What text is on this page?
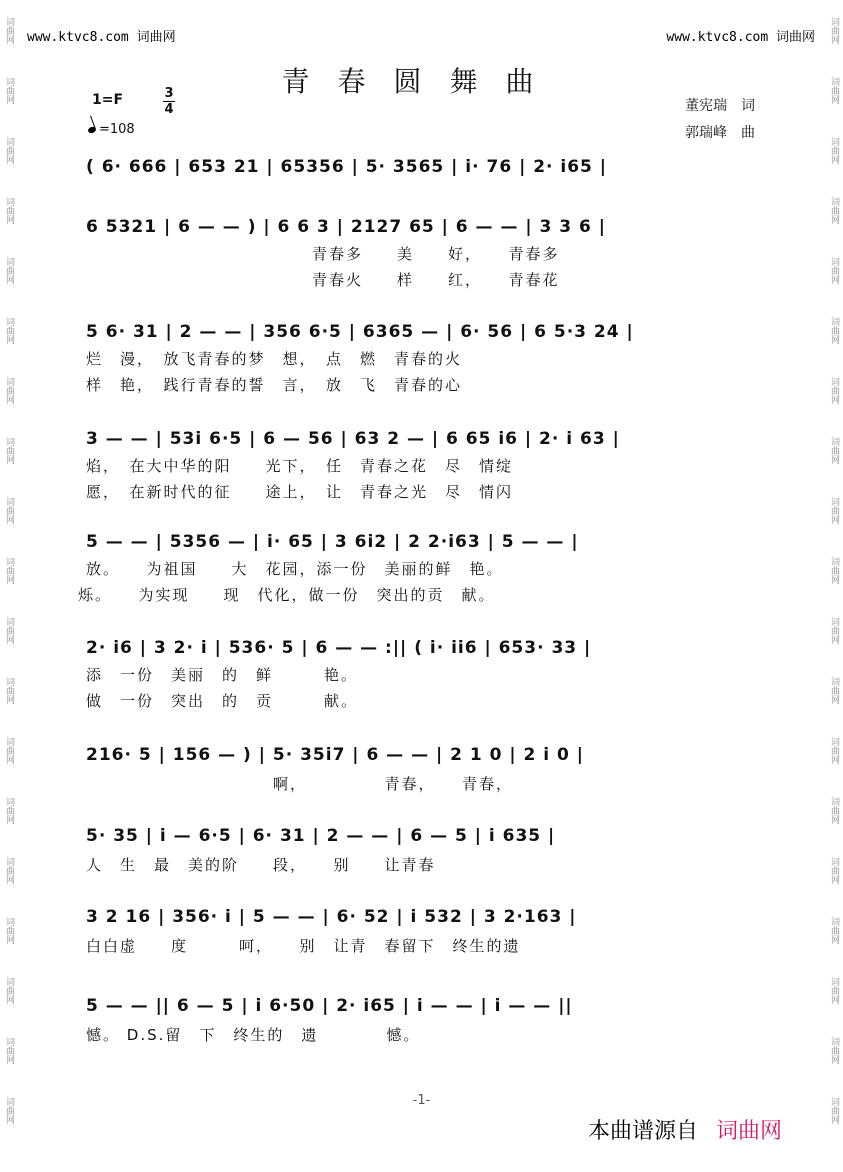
词曲网
词曲网
词曲网
词曲网
词曲网
词曲网
词曲网
词曲网
词曲网
词曲网
词曲网
词曲网
词曲网
词曲网
词曲网
词曲网
词曲网
词曲网
词曲网
词曲网
词曲网
词曲网
词曲网
词曲网
词曲网
词曲网
词曲网
词曲网
词曲网
词曲网
词曲网
词曲网
词曲网
词曲网
词曲网
词曲网
词曲网
词曲网
www.ktvc8.com 词曲网	www.ktvc8.com 词曲网
青春圆舞曲
1=F	3
4
=108
董宪瑞　词
郭瑞峰　曲
( 6· 666 | 653 21 | 65356 | 5· 3565 | i· 76 | 2· i65 |
6 5321 | 6 — — ) | 6 6 3 | 2127 65 | 6 — — | 3 3 6 |
青春多　　美　　好，　　青春多
青春火　　样　　红，　　青春花
5 6· 31 | 2 — — | 356 6·5 | 6365 — | 6· 56 | 6 5·3 24 |
烂　漫，　放飞青春的梦　想，　点　燃　青春的火
样　艳，　践行青春的誓　言，　放　飞　青春的心
3 — — | 53i 6·5 | 6 — 56 | 63 2 — | 6 65 i6 | 2· i 63 |
焰，　在大中华的阳　　光下，　任　青春之花　尽　情绽
愿，　在新时代的征　　途上，　让　青春之光　尽　情闪
5 — — | 5356 — | i· 65 | 3 6i2 | 2 2·i63 | 5 — — |
放。　　为祖国　　大　花园，添一份　美丽的鲜　艳。
烁。　　为实现　　现　代化，做一份　突出的贡　献。
2· i6 | 3 2· i | 536· 5 | 6 — — :|| ( i· ii6 | 653· 33 |
添　一份　美丽　的　鲜　　　艳。
做　一份　突出　的　贡　　　献。
216· 5 | 156 — ) | 5· 35i7 | 6 — — | 2 1 0 | 2 i 0 |
　　　　　　　　　　　啊，　　　　　青春，　　青春，
5· 35 | i — 6·5 | 6· 31 | 2 — — | 6 — 5 | i 635 |
人　生　最　美的阶　　段，　　别　　让青春
3 2 16 | 356· i | 5 — — | 6· 52 | i 532 | 3 2·163 |
白白虚　　度　　　呵，　　别　让青　春留下　终生的遗
5 — — || 6 — 5 | i 6·50 | 2· i65 | i — — | i — — ||
憾。 D.S.留　下　终生的　遗　　　　憾。
-1-
本曲谱源自 词曲网
